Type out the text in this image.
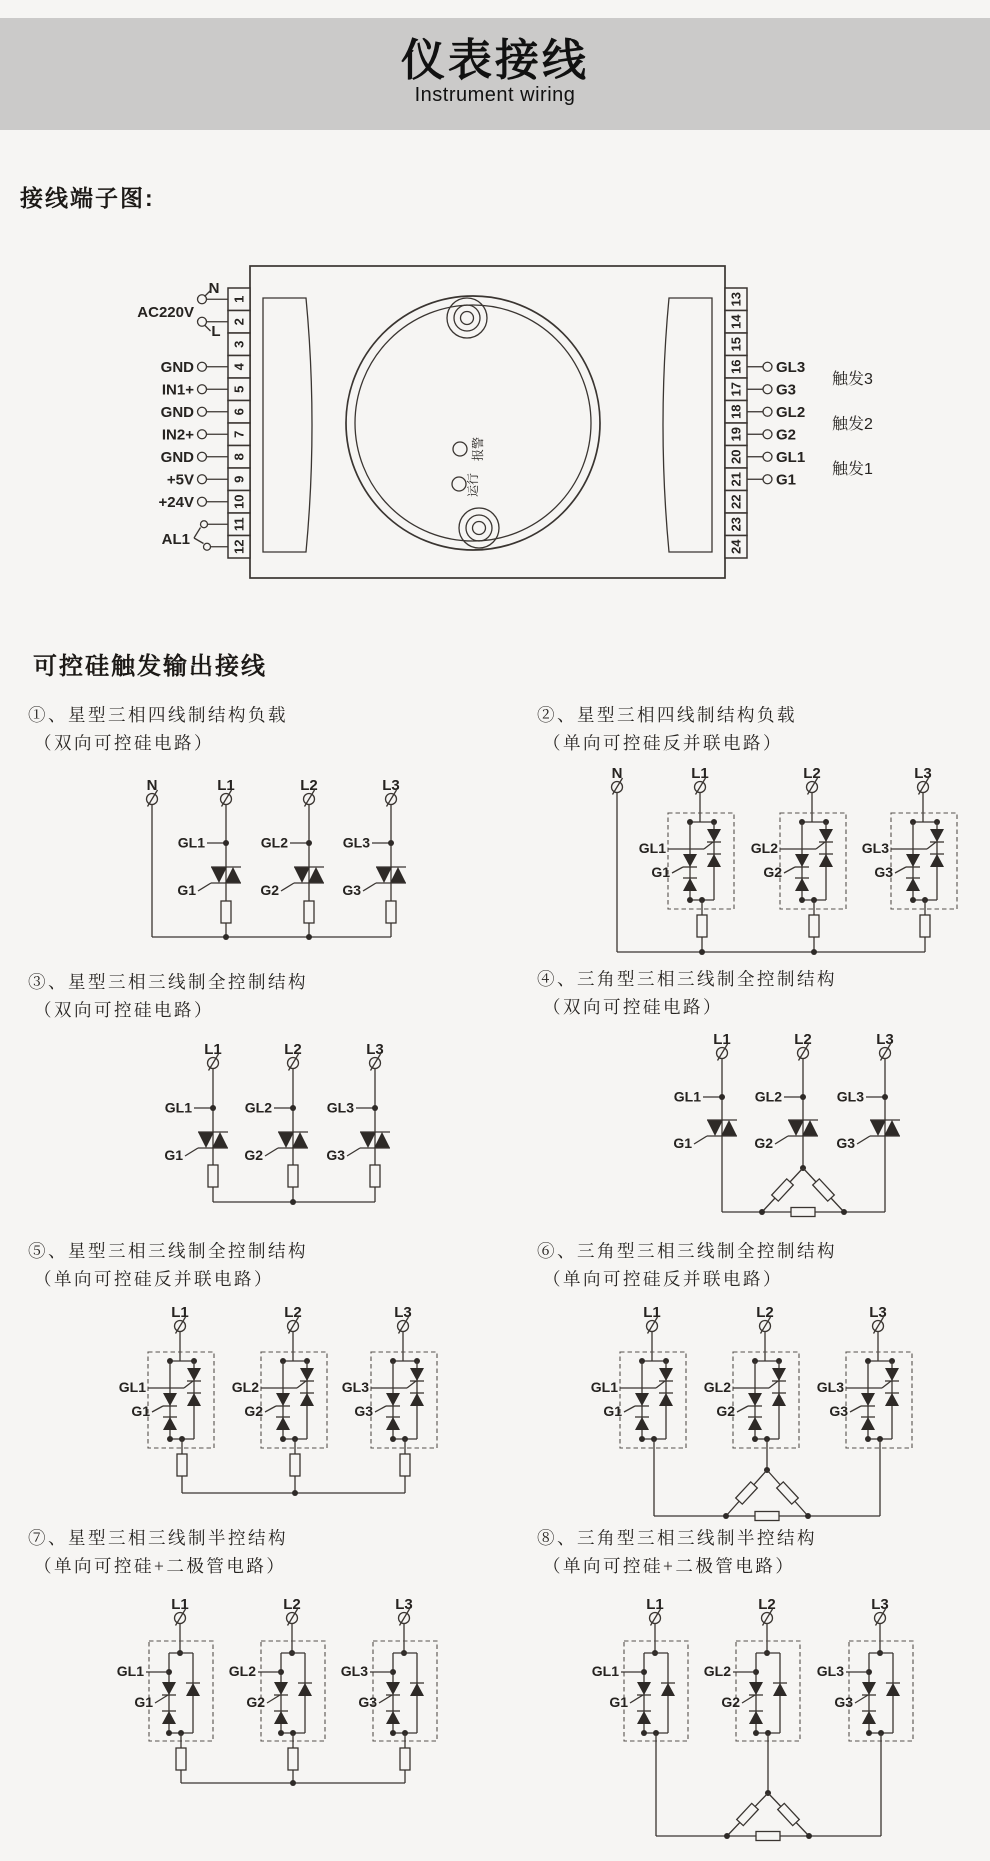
仪表接线
Instrument wiring
接线端子图:
1	13
2	14
3	15
4	16
5	17
6	18
7	19
8	20
9	21
10	22
11	23
12	24
GND
IN1+
GND
IN2+
GND
+5V
+24V
N
AC220V
L
AL1
GL3
G3
GL2
G2
GL1
G1
触发3
触发2
触发1
报警
运行
可控硅触发输出接线
①、星型三相四线制结构负载
（双向可控硅电路）
②、星型三相四线制结构负载
（单向可控硅反并联电路）
③、星型三相三线制全控制结构
（双向可控硅电路）
④、三角型三相三线制全控制结构
（双向可控硅电路）
⑤、星型三相三线制全控制结构
（单向可控硅反并联电路）
⑥、三角型三相三线制全控制结构
（单向可控硅反并联电路）
⑦、星型三相三线制半控结构
（单向可控硅+二极管电路）
⑧、三角型三相三线制半控结构
（单向可控硅+二极管电路）
N	L1
GL1
G1
L2
GL2
G2
L3
GL3
G3
N	L1
GL1
G1
L2
GL2
G2
L3
GL3
G3
L1
GL1
G1
L2
GL2
G2
L3
GL3
G3
L1
GL1
G1
L2
GL2
G2
L3
GL3
G3
L1
GL1
G1
L2
GL2
G2
L3
GL3
G3
L1
GL1
G1
L2
GL2
G2
L3
GL3
G3
L1
GL1
G1
L2
GL2
G2
L3
GL3
G3
L1
GL1
G1
L2
GL2
G2
L3
GL3
G3
